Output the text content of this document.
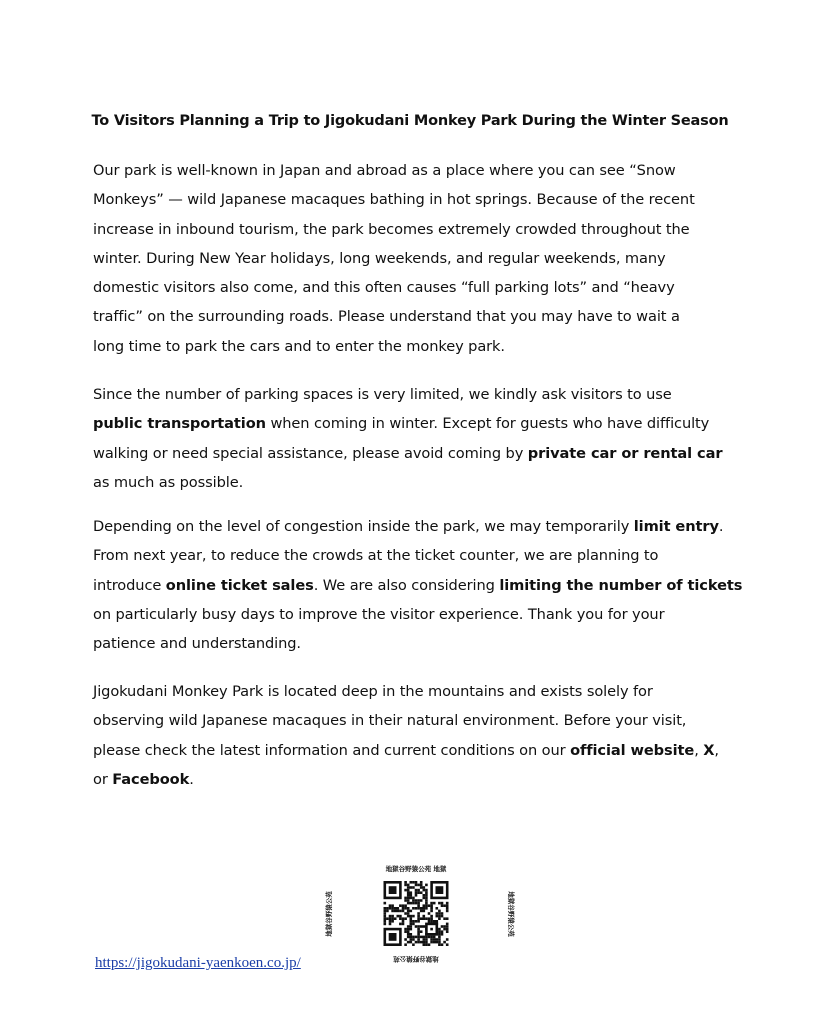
To Visitors Planning a Trip to Jigokudani Monkey Park During the Winter Season

Our park is well-known in Japan and abroad as a place where you can see “Snow
Monkeys” — wild Japanese macaques bathing in hot springs. Because of the recent
increase in inbound tourism, the park becomes extremely crowded throughout the
winter. During New Year holidays, long weekends, and regular weekends, many
domestic visitors also come, and this often causes “full parking lots” and “heavy
traffic” on the surrounding roads. Please understand that you may have to wait a
long time to park the cars and to enter the monkey park.

Since the number of parking spaces is very limited, we kindly ask visitors to use
public transportation when coming in winter. Except for guests who have difficulty
walking or need special assistance, please avoid coming by private car or rental car
as much as possible.

Depending on the level of congestion inside the park, we may temporarily limit entry.
From next year, to reduce the crowds at the ticket counter, we are planning to
introduce online ticket sales. We are also considering limiting the number of tickets
on particularly busy days to improve the visitor experience. Thank you for your
patience and understanding.

Jigokudani Monkey Park is located deep in the mountains and exists solely for
observing wild Japanese macaques in their natural environment. Before your visit,
please check the latest information and current conditions on our official website, X,
or Facebook.

地獄谷野猿公苑 地獄
地獄谷野猿公苑
地獄谷野猿公苑
地獄谷野猿公苑
https://jigokudani-yaenkoen.co.jp/
